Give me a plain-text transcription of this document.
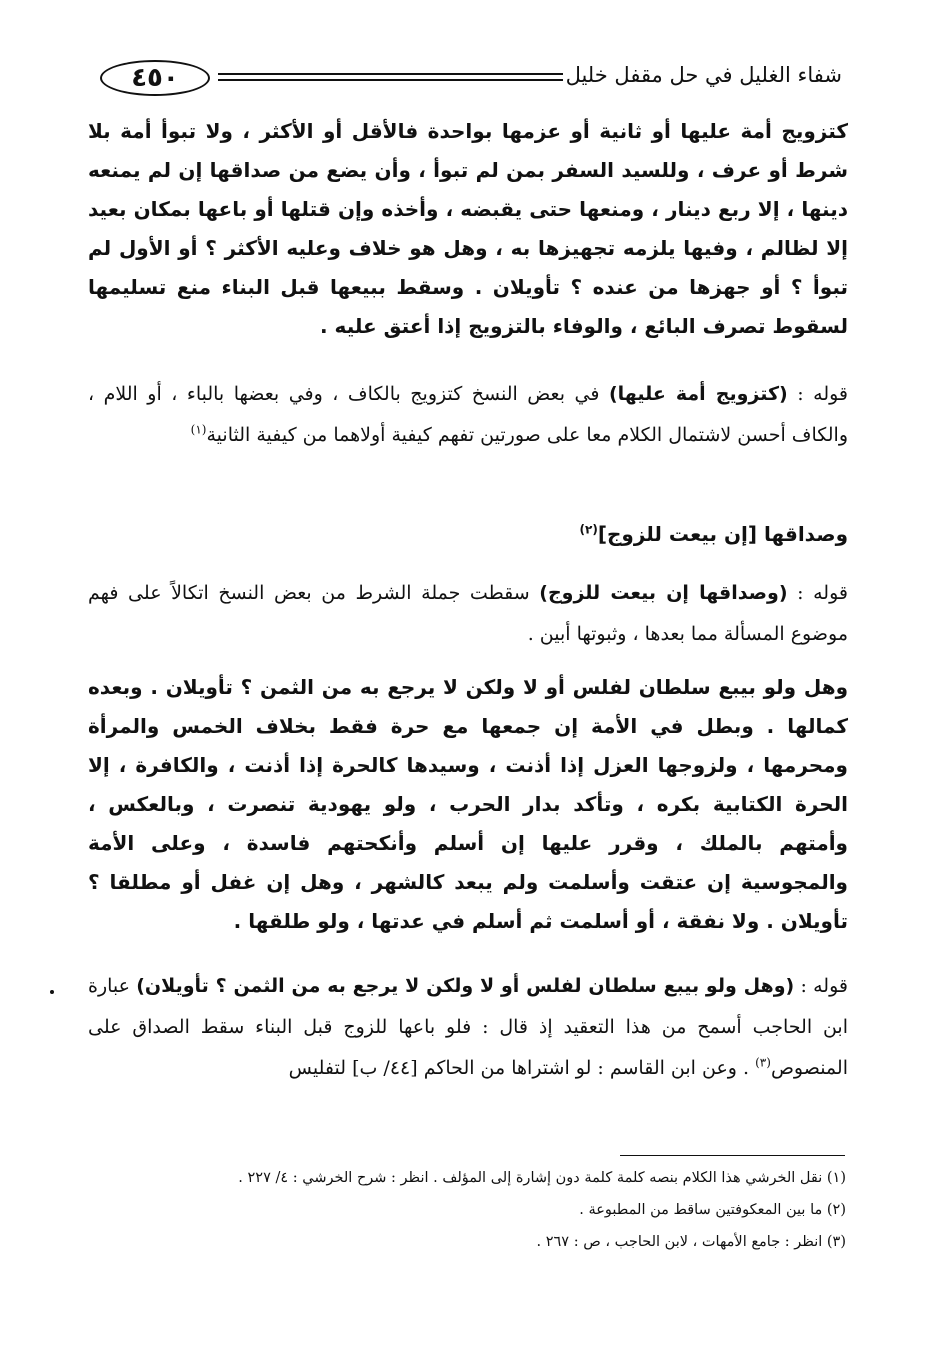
٤٥٠	شفاء الغليل في حل مقفل خليل
كتزويج أمة عليها أو ثانية أو عزمها بواحدة فالأقل أو الأكثر ، ولا تبوأ أمة بلا شرط أو عرف ، وللسيد السفر بمن لم تبوأ ، وأن يضع من صداقها إن لم يمنعه دينها ، إلا ربع دينار ، ومنعها حتى يقبضه ، وأخذه وإن قتلها أو باعها بمكان بعيد إلا لظالم ، وفيها يلزمه تجهيزها به ، وهل هو خلاف وعليه الأكثر ؟ أو الأول لم تبوأ ؟ أو جهزها من عنده ؟ تأويلان . وسقط ببيعها قبل البناء منع تسليمها لسقوط تصرف البائع ، والوفاء بالتزويج إذا أعتق عليه .
قوله : (كتزويج أمة عليها) في بعض النسخ كتزويج بالكاف ، وفي بعضها بالباء ، أو اللام ، والكاف أحسن لاشتمال الكلام معا على صورتين تفهم كيفية أولاهما من كيفية الثانية$^{(١)}$
وصداقها [إن بيعت للزوج]$^{(٢)}$
قوله : (وصداقها إن بيعت للزوج) سقطت جملة الشرط من بعض النسخ اتكالاً على فهم موضوع المسألة مما بعدها ، وثبوتها أبين .
وهل ولو بيبع سلطان لفلس أو لا ولكن لا يرجع به من الثمن ؟ تأويلان . وبعده كمالها . وبطل في الأمة إن جمعها مع حرة فقط بخلاف الخمس والمرأة ومحرمها ، ولزوجها العزل إذا أذنت ، وسيدها كالحرة إذا أذنت ، والكافرة ، إلا الحرة الكتابية بكره ، وتأكد بدار الحرب ، ولو يهودية تنصرت ، وبالعكس ، وأمتهم بالملك ، وقرر عليها إن أسلم وأنكحتهم فاسدة ، وعلى الأمة والمجوسية إن عتقت وأسلمت ولم يبعد كالشهر ، وهل إن غفل أو مطلقا ؟ تأويلان . ولا نفقة ، أو أسلمت ثم أسلم في عدتها ، ولو طلقها .
قوله : (وهل ولو بيبع سلطان لفلس أو لا ولكن لا يرجع به من الثمن ؟ تأويلان) عبارة ابن الحاجب أسمح من هذا التعقيد إذ قال : فلو باعها للزوج قبل البناء سقط الصداق على المنصوص$^{(٣)}$ . وعن ابن القاسم : لو اشتراها من الحاكم [٤٤/ ب] لتفليس
(١) نقل الخرشي هذا الكلام بنصه كلمة كلمة دون إشارة إلى المؤلف . انظر : شرح الخرشي : ٤/ ٢٢٧ .
(٢) ما بين المعكوفتين ساقط من المطبوعة .
(٣) انظر : جامع الأمهات ، لابن الحاجب ، ص : ٢٦٧ .
